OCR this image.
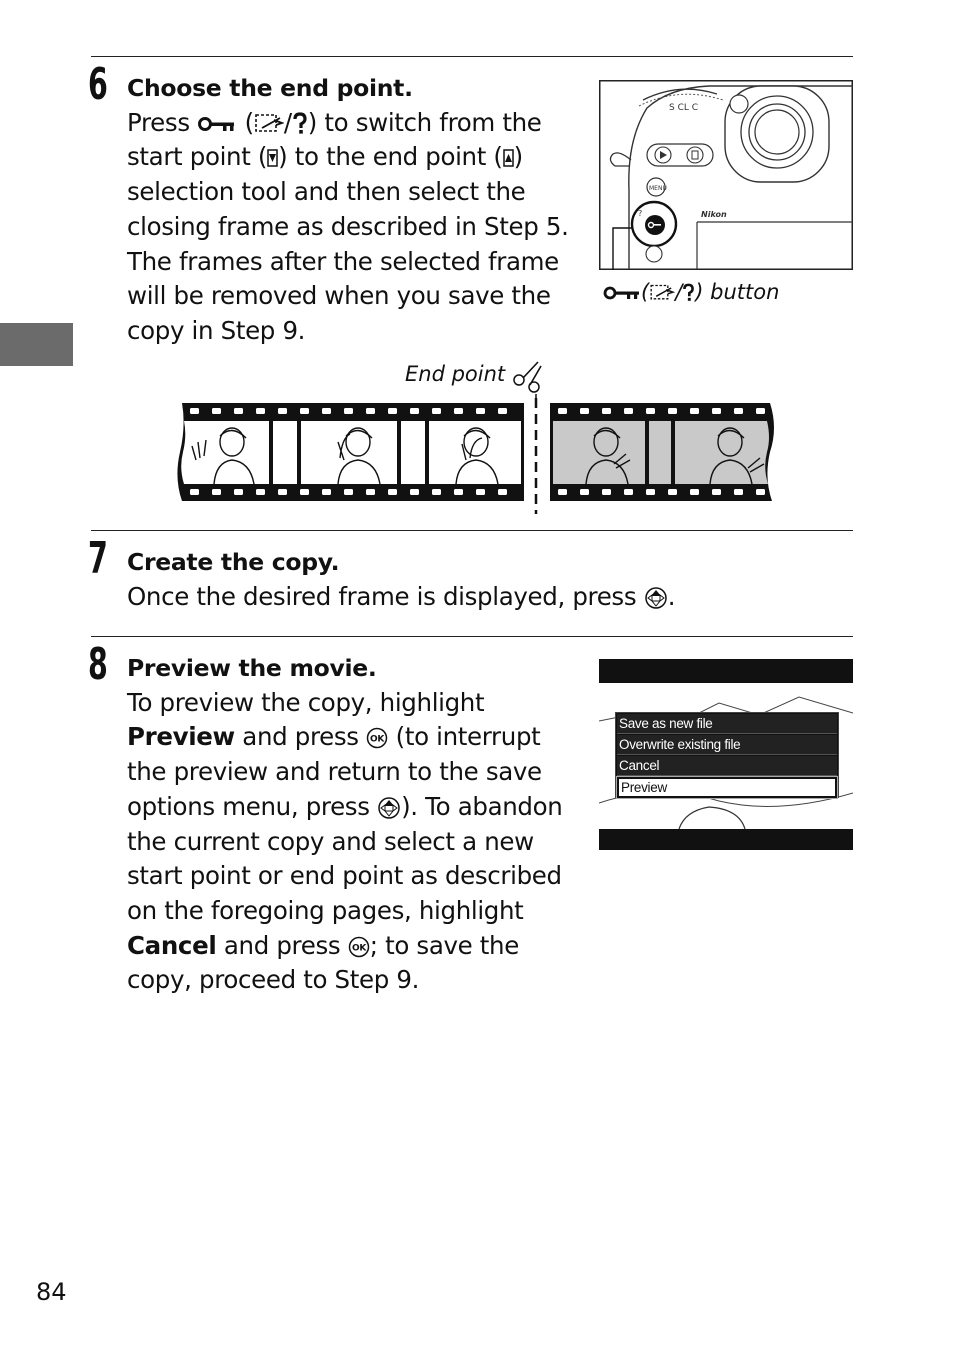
6 Choose the end point.
Press ( / ) to switch from the
start point ( ) to the end point ( )
selection tool and then select the closing frame as described in Step 5. The frames after the selected frame will be removed when you save the copy in Step 9.
S CL C
MENU
?	Nikon
( / ) button
End point
7 Create the copy.
Once the desired frame is displayed, press .
8 Preview the movie.
To preview the copy, highlight
Preview and press OK (to interrupt the preview and return to the save options menu, press ). To abandon the current copy and select a new start point or end point as described on the foregoing pages, highlight Cancel and press OK ; to save the copy, proceed to Step 9.
Save as new file
Overwrite existing file
Cancel
Preview
84
